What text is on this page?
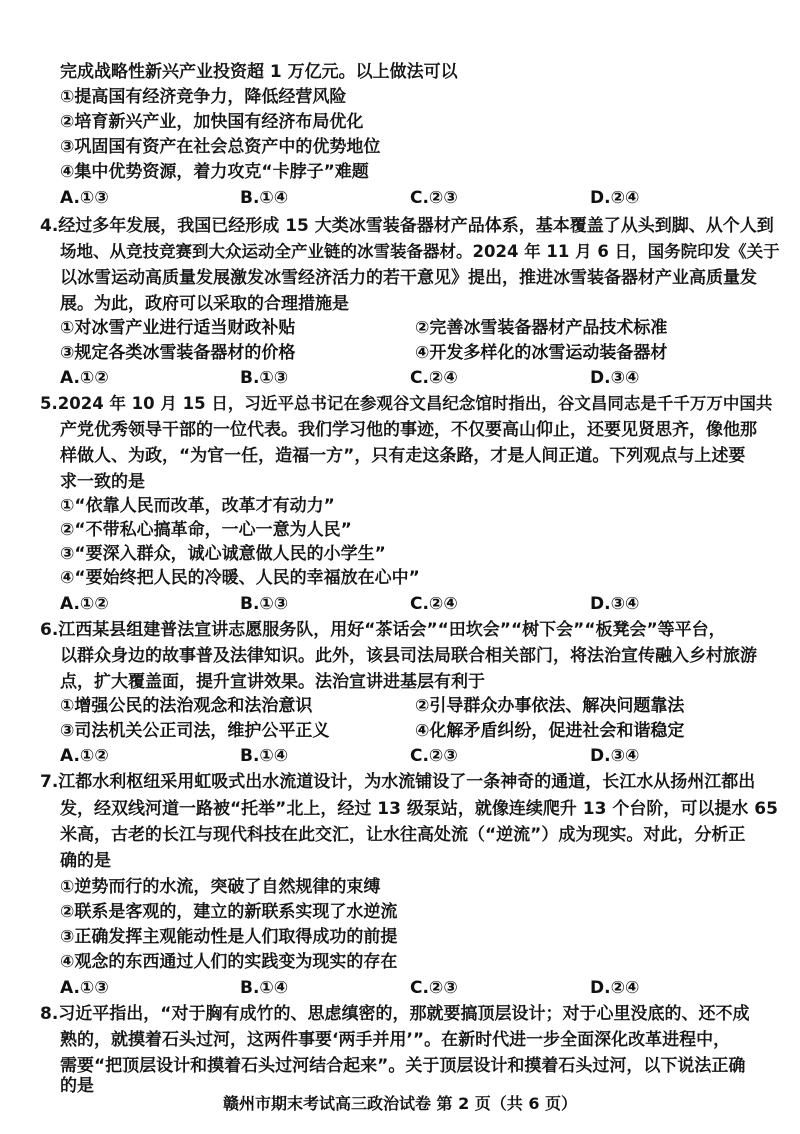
完成战略性新兴产业投资超 1 万亿元。以上做法可以
①提高国有经济竞争力，降低经营风险
②培育新兴产业，加快国有经济布局优化
③巩固国有资产在社会总资产中的优势地位
④集中优势资源，着力攻克“卡脖子”难题
A.①③	B.①④	C.②③	D.②④
4.经过多年发展，我国已经形成 15 大类冰雪装备器材产品体系，基本覆盖了从头到脚、从个人到
场地、从竞技竞赛到大众运动全产业链的冰雪装备器材。2024 年 11 月 6 日，国务院印发《关于
以冰雪运动高质量发展激发冰雪经济活力的若干意见》提出，推进冰雪装备器材产业高质量发
展。为此，政府可以采取的合理措施是
①对冰雪产业进行适当财政补贴	②完善冰雪装备器材产品技术标准
③规定各类冰雪装备器材的价格	④开发多样化的冰雪运动装备器材
A.①②	B.①③	C.②④	D.③④
5.2024 年 10 月 15 日，习近平总书记在参观谷文昌纪念馆时指出，谷文昌同志是千千万万中国共
产党优秀领导干部的一位代表。我们学习他的事迹，不仅要高山仰止，还要见贤思齐，像他那
样做人、为政，“为官一任，造福一方”，只有走这条路，才是人间正道。下列观点与上述要
求一致的是
①“依靠人民而改革，改革才有动力”
②“不带私心搞革命，一心一意为人民”
③“要深入群众，诚心诚意做人民的小学生”
④“要始终把人民的冷暖、人民的幸福放在心中”
A.①②	B.①③	C.②④	D.③④
6.江西某县组建普法宣讲志愿服务队，用好“茶话会”“田坎会”“树下会”“板凳会”等平台，
以群众身边的故事普及法律知识。此外，该县司法局联合相关部门，将法治宣传融入乡村旅游
点，扩大覆盖面，提升宣讲效果。法治宣讲进基层有利于
①增强公民的法治观念和法治意识	②引导群众办事依法、解决问题靠法
③司法机关公正司法，维护公平正义	④化解矛盾纠纷，促进社会和谐稳定
A.①②	B.①④	C.②③	D.③④
7.江都水利枢纽采用虹吸式出水流道设计，为水流铺设了一条神奇的通道，长江水从扬州江都出
发，经双线河道一路被“托举”北上，经过 13 级泵站，就像连续爬升 13 个台阶，可以提水 65
米高，古老的长江与现代科技在此交汇，让水往高处流（“逆流”）成为现实。对此，分析正
确的是
①逆势而行的水流，突破了自然规律的束缚
②联系是客观的，建立的新联系实现了水逆流
③正确发挥主观能动性是人们取得成功的前提
④观念的东西通过人们的实践变为现实的存在
A.①③	B.①④	C.②③	D.②④
8.习近平指出，“对于胸有成竹的、思虑缜密的，那就要搞顶层设计；对于心里没底的、还不成
熟的，就摸着石头过河，这两件事要‘两手并用’”。在新时代进一步全面深化改革进程中，
需要“把顶层设计和摸着石头过河结合起来”。关于顶层设计和摸着石头过河，以下说法正确
的是
赣州市期末考试高三政治试卷 第 2 页（共 6 页）
